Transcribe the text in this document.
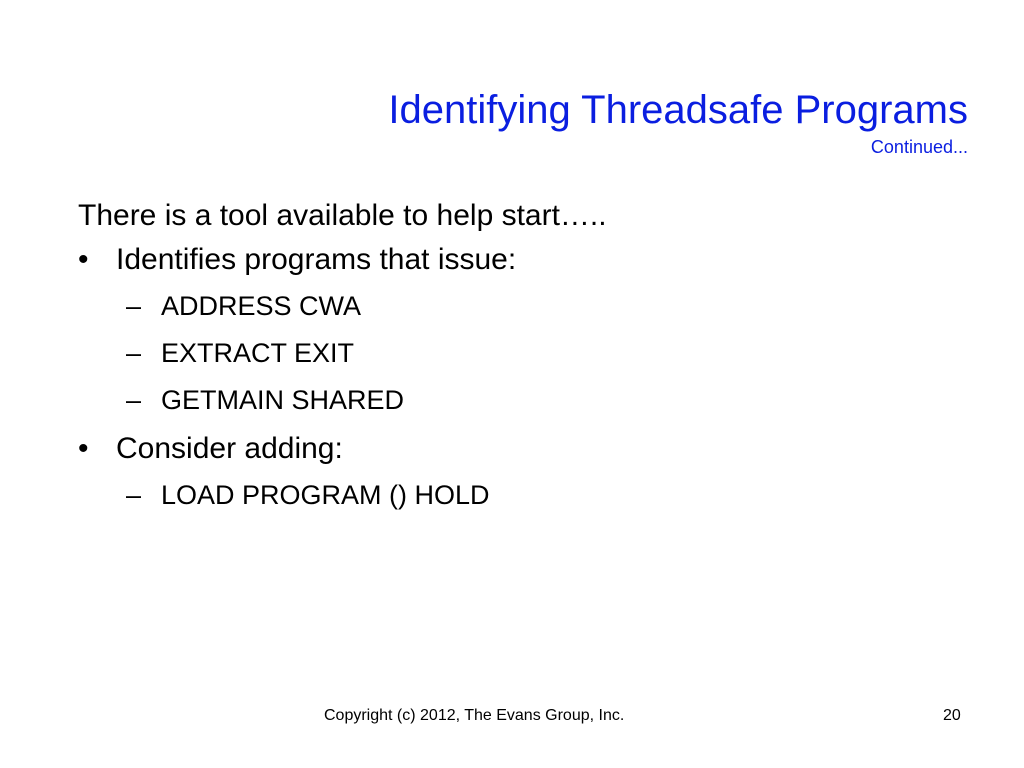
Identifying Threadsafe Programs
Continued...
There is a tool available to help start…..
• Identifies programs that issue:
– ADDRESS CWA
– EXTRACT EXIT
– GETMAIN SHARED
• Consider adding:
– LOAD PROGRAM () HOLD
Copyright (c) 2012, The Evans Group, Inc.	20
